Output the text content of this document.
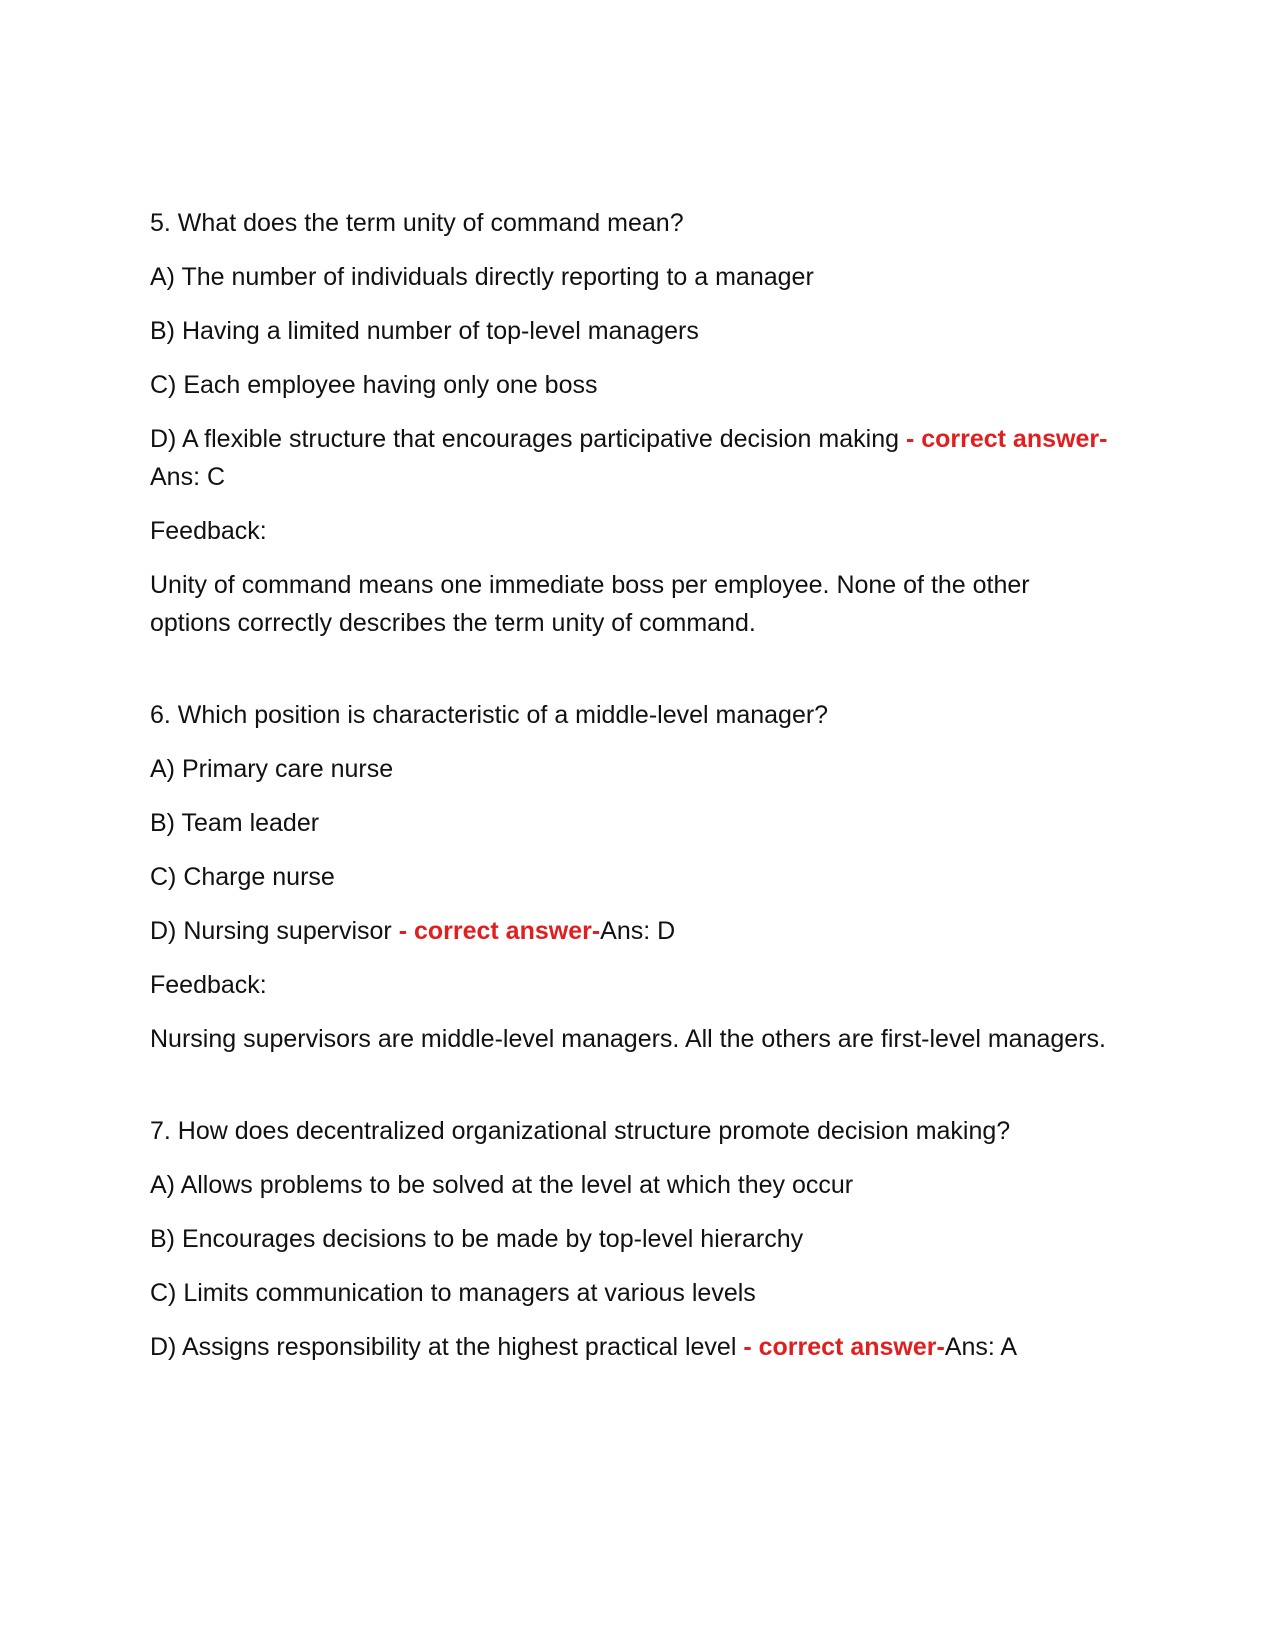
5. What does the term unity of command mean?

A) The number of individuals directly reporting to a manager

B) Having a limited number of top-level managers

C) Each employee having only one boss

D) A flexible structure that encourages participative decision making - correct answer-Ans: C

Feedback:

Unity of command means one immediate boss per employee. None of the other options correctly describes the term unity of command.

6. Which position is characteristic of a middle-level manager?

A) Primary care nurse

B) Team leader

C) Charge nurse

D) Nursing supervisor - correct answer-Ans: D

Feedback:

Nursing supervisors are middle-level managers. All the others are first-level managers.

7. How does decentralized organizational structure promote decision making?

A) Allows problems to be solved at the level at which they occur

B) Encourages decisions to be made by top-level hierarchy

C) Limits communication to managers at various levels

D) Assigns responsibility at the highest practical level - correct answer-Ans: A
